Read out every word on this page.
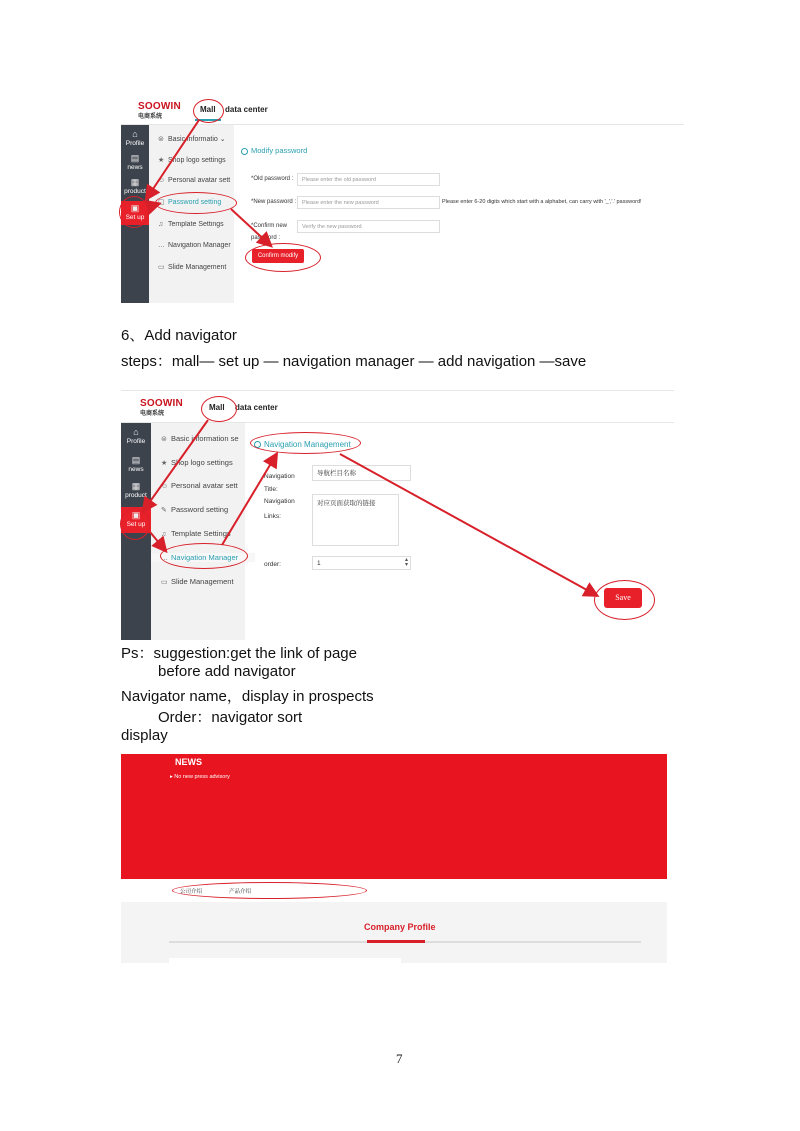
SOOWIN
电商系统
Mall data center
⌂
Profile
▤
news
▦
product
▣
Set up
⊜ Basic informatio ⌄
★ Shop logo settings
☺ Personal avatar sett
▢ Password setting
♫ Template Settings
… Navigation Manager
▭ Slide Management
Modify password
*Old password :	Please enter the old password
*New password :	Please enter the new password	Please enter 6-20 digits which start with a alphabet, can carry with '_','.' password!
*Confirm new
password :
Verify the new password
Confirm modify
6、Add navigator
steps：mall— set up — navigation manager — add navigation —save
SOOWIN
电商系统
Mall data center
⌂
Profile
▤
news
▦
product
▣
Set up
⊜ Basic information se
★ Shop logo settings
☺ Personal avatar sett
✎ Password setting
♫ Template Settings
… Navigation Manager
▭ Slide Management
Navigation Management
Navigation
Title:
导航栏目名称
Navigation
Links:
对应页面获取的链接
order:	1	▴
▾
Save
Ps：suggestion:get the link of page
before add navigator
Navigator name，display in prospects
Order：navigator sort
display
NEWS
▸ No new press advisory
公司介绍	产品介绍
Company Profile
7
